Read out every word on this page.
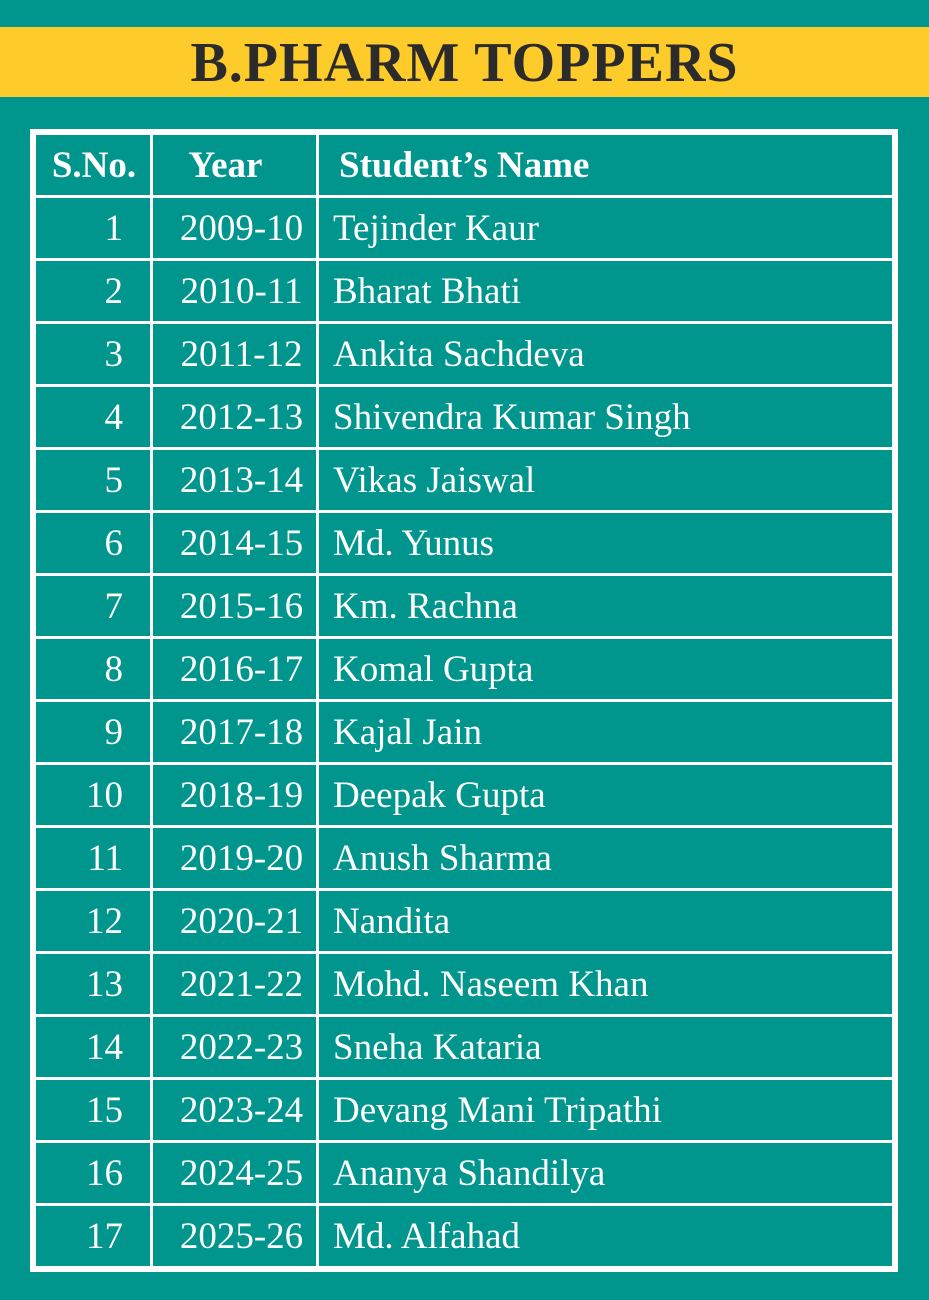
B.PHARM TOPPERS
S.No.	Year	Student’s Name
1	2009-10	Tejinder Kaur
2	2010-11	Bharat Bhati
3	2011-12	Ankita Sachdeva
4	2012-13	Shivendra Kumar Singh
5	2013-14	Vikas Jaiswal
6	2014-15	Md. Yunus
7	2015-16	Km. Rachna
8	2016-17	Komal Gupta
9	2017-18	Kajal Jain
10	2018-19	Deepak Gupta
11	2019-20	Anush Sharma
12	2020-21	Nandita
13	2021-22	Mohd. Naseem Khan
14	2022-23	Sneha Kataria
15	2023-24	Devang Mani Tripathi
16	2024-25	Ananya Shandilya
17	2025-26	Md. Alfahad
